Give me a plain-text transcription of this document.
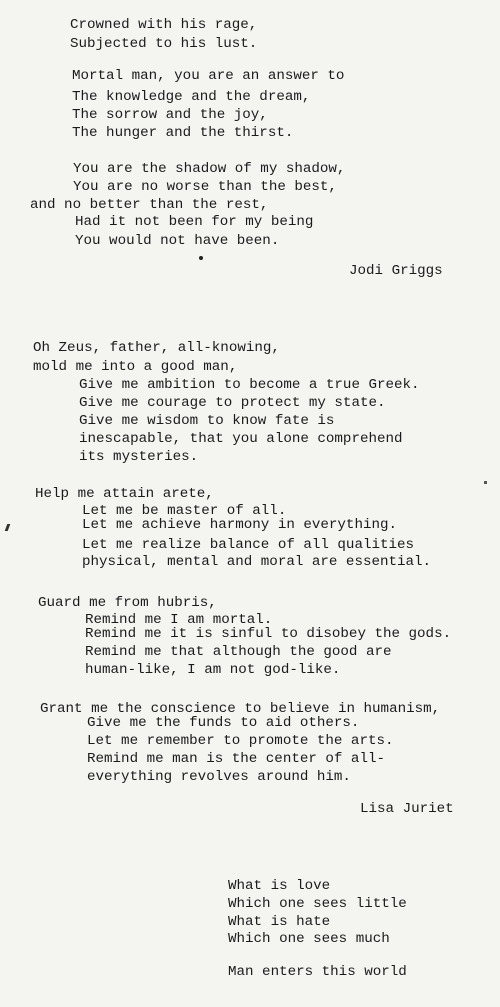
Crowned with his rage,
Subjected to his lust.
Mortal man, you are an answer to
The knowledge and the dream,
The sorrow and the joy,
The hunger and the thirst.
You are the shadow of my shadow,
You are no worse than the best,
and no better than the rest,
Had it not been for my being
You would not have been.
Jodi Griggs
Oh Zeus, father, all-knowing,
mold me into a good man,
Give me ambition to become a true Greek.
Give me courage to protect my state.
Give me wisdom to know fate is
inescapable, that you alone comprehend
its mysteries.
Help me attain arete,
Let me be master of all.
Let me achieve harmony in everything.
Let me realize balance of all qualities
physical, mental and moral are essential.
Guard me from hubris,
Remind me I am mortal.
Remind me it is sinful to disobey the gods.
Remind me that although the good are
human-like, I am not god-like.
Grant me the conscience to believe in humanism,
Give me the funds to aid others.
Let me remember to promote the arts.
Remind me man is the center of all-
everything revolves around him.
Lisa Juriet
What is love
Which one sees little
What is hate
Which one sees much
Man enters this world
